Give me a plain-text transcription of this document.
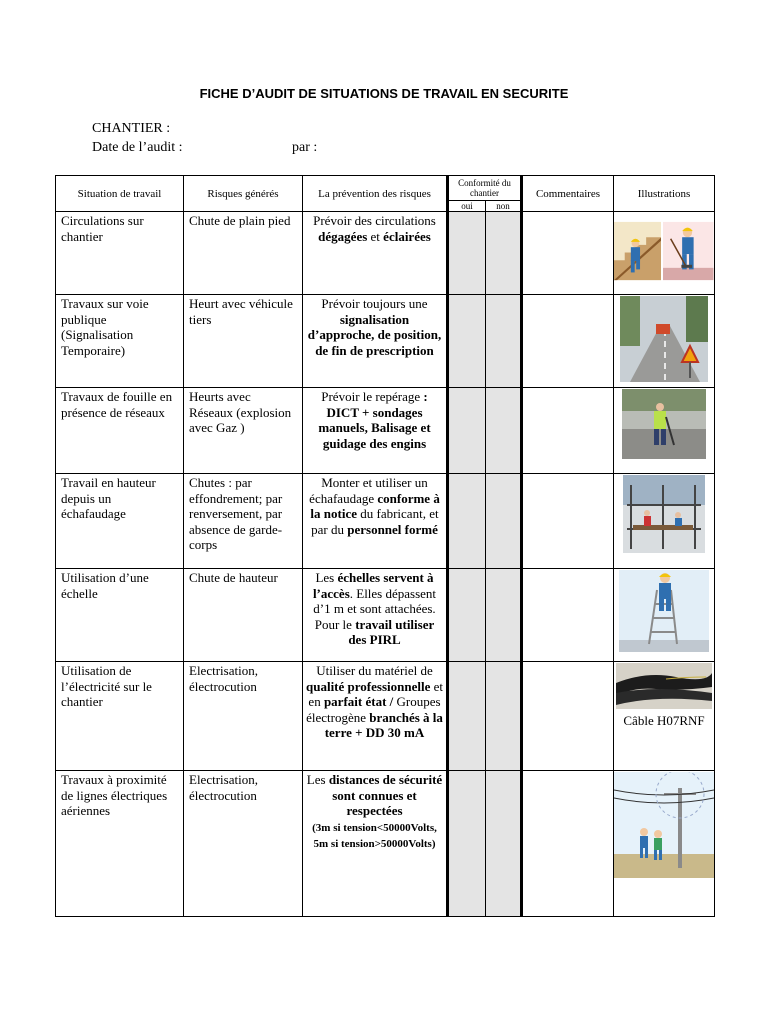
FICHE D’AUDIT DE SITUATIONS DE TRAVAIL EN SECURITE
CHANTIER :
Date de l’audit :	par :
Situation de travail	Risques générés	La prévention des risques	Conformité du chantier		Commentaires	Illustrations
			oui	non		
Circulations sur chantier	Chute de plain pied	Prévoir des circulations dégagées et éclairées				

Travaux sur voie publique (Signalisation Temporaire)	Heurt avec véhicule tiers	Prévoir toujours une signalisation d’approche, de position, de fin de prescription				

Travaux de fouille en présence de réseaux	Heurts avec Réseaux (explosion avec Gaz )	Prévoir le repérage : DICT + sondages manuels, Balisage et guidage des engins				

Travail en hauteur depuis un échafaudage	Chutes : par effondrement; par renversement, par absence de garde-corps	Monter et utiliser un échafaudage conforme à la notice du fabricant, et par du personnel formé				

Utilisation d’une échelle	Chute de hauteur	Les échelles servent à l’accès. Elles dépassent d’1 m et sont attachées. Pour le travail utiliser des PIRL				

Utilisation de l’électricité sur le chantier	Electrisation, électrocution	Utiliser du matériel de qualité professionnelle et en parfait état / Groupes électrogène branchés à la terre + DD 30 mA				Câble H07RNF

Travaux à proximité de lignes électriques aériennes	Electrisation, électrocution	Les distances de sécurité sont connues et respectées
(3m si tension<50000Volts, 5m si tension>50000Volts)				
